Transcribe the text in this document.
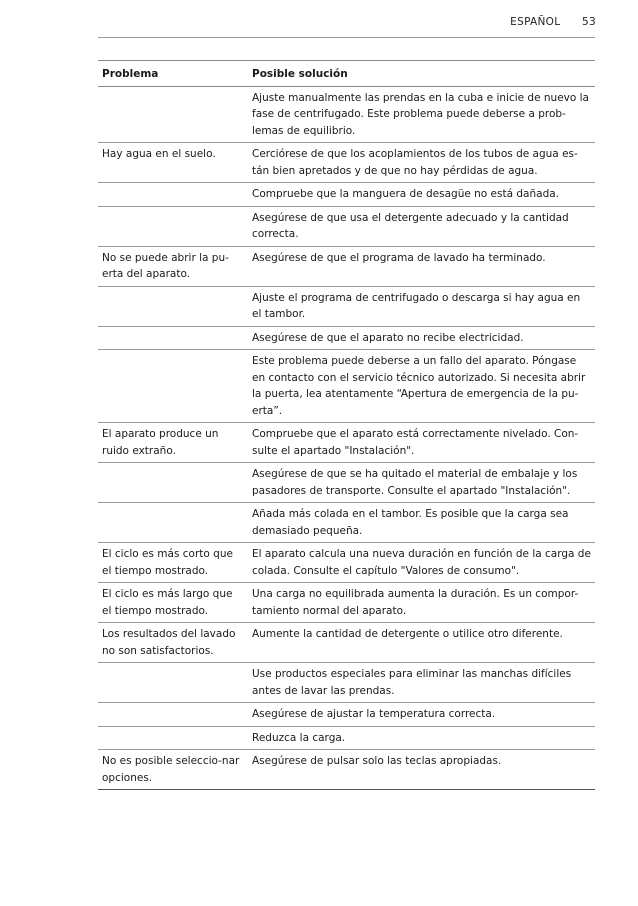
ESPAÑOL 53
Problema	Posible solución
	Ajuste manualmente las prendas en la cuba e inicie de nuevo la fase de centrifugado. Este problema puede deberse a prob-lemas de equilibrio.
Hay agua en el suelo.	Cerciórese de que los acoplamientos de los tubos de agua es-tán bien apretados y de que no hay pérdidas de agua.
	Compruebe que la manguera de desagüe no está dañada.
	Asegúrese de que usa el detergente adecuado y la cantidad correcta.
No se puede abrir la pu-erta del aparato.	Asegúrese de que el programa de lavado ha terminado.
	Ajuste el programa de centrifugado o descarga si hay agua en el tambor.
	Asegúrese de que el aparato no recibe electricidad.
	Este problema puede deberse a un fallo del aparato. Póngase en contacto con el servicio técnico autorizado. Si necesita abrir la puerta, lea atentamente “Apertura de emergencia de la pu-erta”.
El aparato produce un ruido extraño.	Compruebe que el aparato está correctamente nivelado. Con-sulte el apartado "Instalación".
	Asegúrese de que se ha quitado el material de embalaje y los pasadores de transporte. Consulte el apartado "Instalación".
	Añada más colada en el tambor. Es posible que la carga sea demasiado pequeña.
El ciclo es más corto que el tiempo mostrado.	El aparato calcula una nueva duración en función de la carga de colada. Consulte el capítulo "Valores de consumo".
El ciclo es más largo que el tiempo mostrado.	Una carga no equilibrada aumenta la duración. Es un compor-tamiento normal del aparato.
Los resultados del lavado no son satisfactorios.	Aumente la cantidad de detergente o utilice otro diferente.
	Use productos especiales para eliminar las manchas difíciles antes de lavar las prendas.
	Asegúrese de ajustar la temperatura correcta.
	Reduzca la carga.
No es posible seleccio-nar opciones.	Asegúrese de pulsar solo las teclas apropiadas.
